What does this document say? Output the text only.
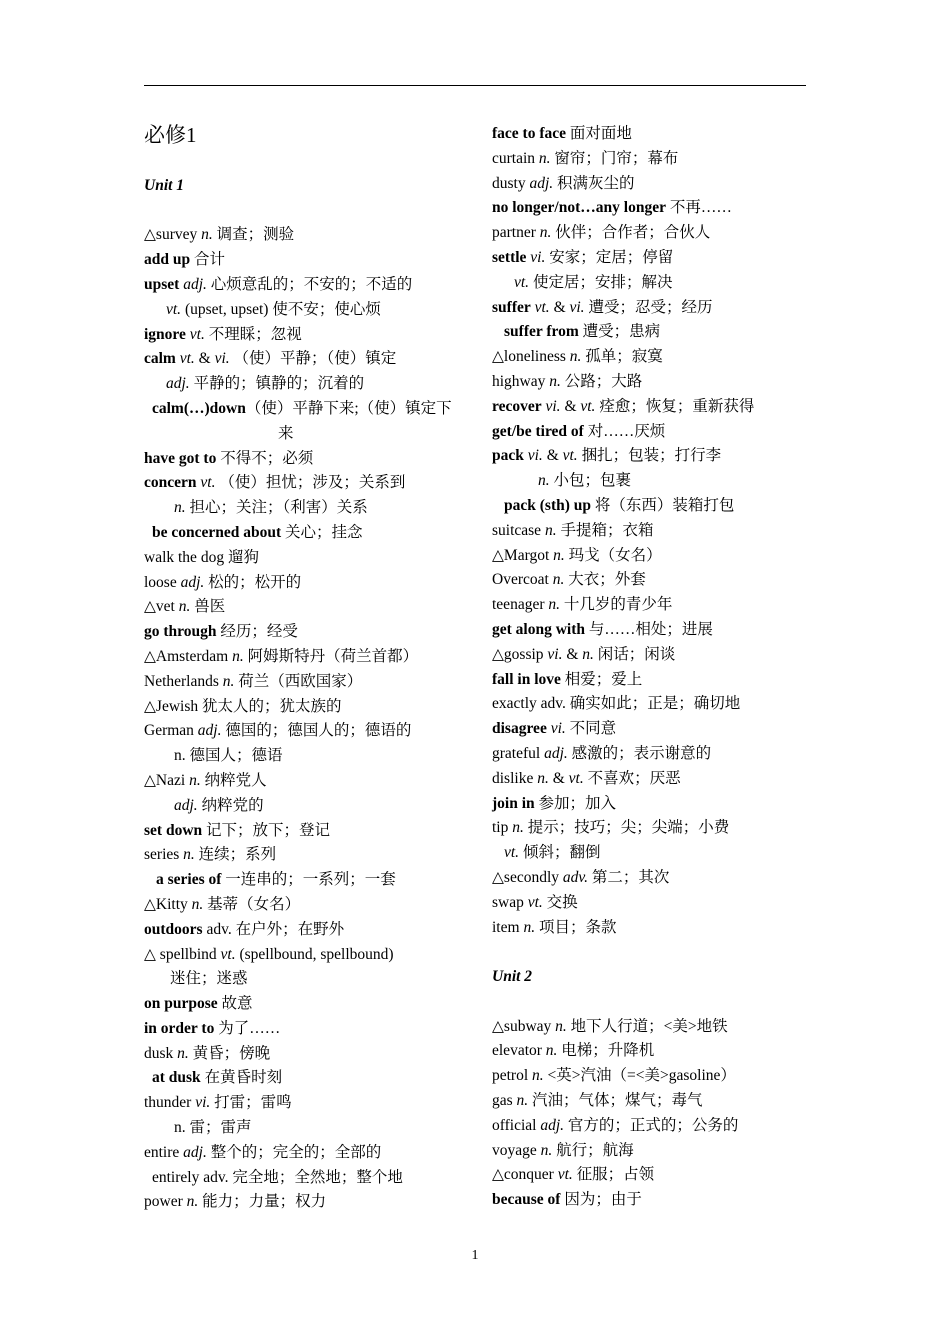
必修1
Unit 1
△survey n. 调查；测验
add up 合计
upset adj. 心烦意乱的；不安的；不适的
vt. (upset, upset) 使不安；使心烦
ignore vt. 不理睬；忽视
calm vt. & vi. （使）平静；（使）镇定
adj. 平静的；镇静的；沉着的
calm(…)down（使）平静下来;（使）镇定下
来
have got to 不得不；必须
concern vt. （使）担忧；涉及；关系到
n. 担心；关注；（利害）关系
be concerned about 关心；挂念
walk the dog 遛狗
loose adj. 松的；松开的
△vet n. 兽医
go through 经历；经受
△Amsterdam n. 阿姆斯特丹（荷兰首都）
Netherlands n. 荷兰（西欧国家）
△Jewish 犹太人的；犹太族的
German adj. 德国的；德国人的；德语的
n. 德国人；德语
△Nazi n. 纳粹党人
adj. 纳粹党的
set down 记下；放下；登记
series n. 连续；系列
a series of 一连串的；一系列；一套
△Kitty n. 基蒂（女名）
outdoors adv. 在户外；在野外
△ spellbind vt. (spellbound, spellbound)
迷住；迷惑
on purpose 故意
in order to 为了……
dusk n. 黄昏；傍晚
at dusk 在黄昏时刻
thunder vi. 打雷；雷鸣
n. 雷；雷声
entire adj. 整个的；完全的；全部的
entirely adv. 完全地；全然地；整个地
power n. 能力；力量；权力
face to face 面对面地
curtain n. 窗帘；门帘；幕布
dusty adj. 积满灰尘的
no longer/not…any longer 不再……
partner n. 伙伴；合作者；合伙人
settle vi. 安家；定居；停留
vt. 使定居；安排；解决
suffer vt. & vi. 遭受；忍受；经历
suffer from 遭受；患病
△loneliness n. 孤单；寂寞
highway n. 公路；大路
recover vi. & vt. 痊愈；恢复；重新获得
get/be tired of 对……厌烦
pack vi. & vt. 捆扎；包装；打行李
n. 小包；包裹
pack (sth) up 将（东西）装箱打包
suitcase n. 手提箱；衣箱
△Margot n. 玛戈（女名）
Overcoat n. 大衣；外套
teenager n. 十几岁的青少年
get along with 与……相处；进展
△gossip vi. & n. 闲话；闲谈
fall in love 相爱；爱上
exactly adv. 确实如此；正是；确切地
disagree vi. 不同意
grateful adj. 感激的；表示谢意的
dislike n. & vt. 不喜欢；厌恶
join in 参加；加入
tip n. 提示；技巧；尖；尖端；小费
vt. 倾斜；翻倒
△secondly adv. 第二；其次
swap vt. 交换
item n. 项目；条款
Unit 2
△subway n. 地下人行道；<美>地铁
elevator n. 电梯；升降机
petrol n. <英>汽油（=<美>gasoline）
gas n. 汽油；气体；煤气；毒气
official adj. 官方的；正式的；公务的
voyage n. 航行；航海
△conquer vt. 征服；占领
because of 因为；由于
1
